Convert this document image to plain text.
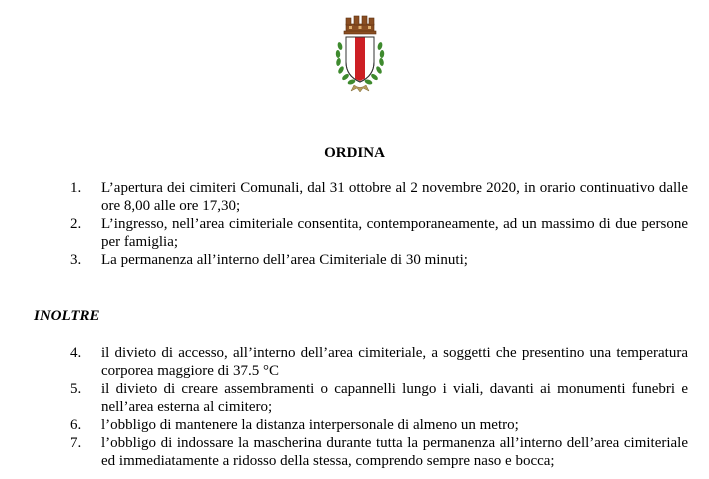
ORDINA
1.	L’apertura dei cimiteri Comunali, dal 31 ottobre al 2 novembre 2020, in orario continuativo dalle ore 8,00 alle ore 17,30;
2.	L’ingresso, nell’area cimiteriale consentita, contemporaneamente, ad un massimo di due persone per famiglia;
3.	La permanenza all’interno dell’area Cimiteriale di 30 minuti;
INOLTRE
4.	il divieto di accesso, all’interno dell’area cimiteriale, a soggetti che presentino una temperatura corporea maggiore di 37.5 °C
5.	il divieto di creare assembramenti o capannelli lungo i viali, davanti ai monumenti funebri e nell’area esterna al cimitero;
6.	l’obbligo di mantenere la distanza interpersonale di almeno un metro;
7.	l’obbligo di indossare la mascherina durante tutta la permanenza all’interno dell’area cimiteriale ed immediatamente a ridosso della stessa, comprendo sempre naso e bocca;
